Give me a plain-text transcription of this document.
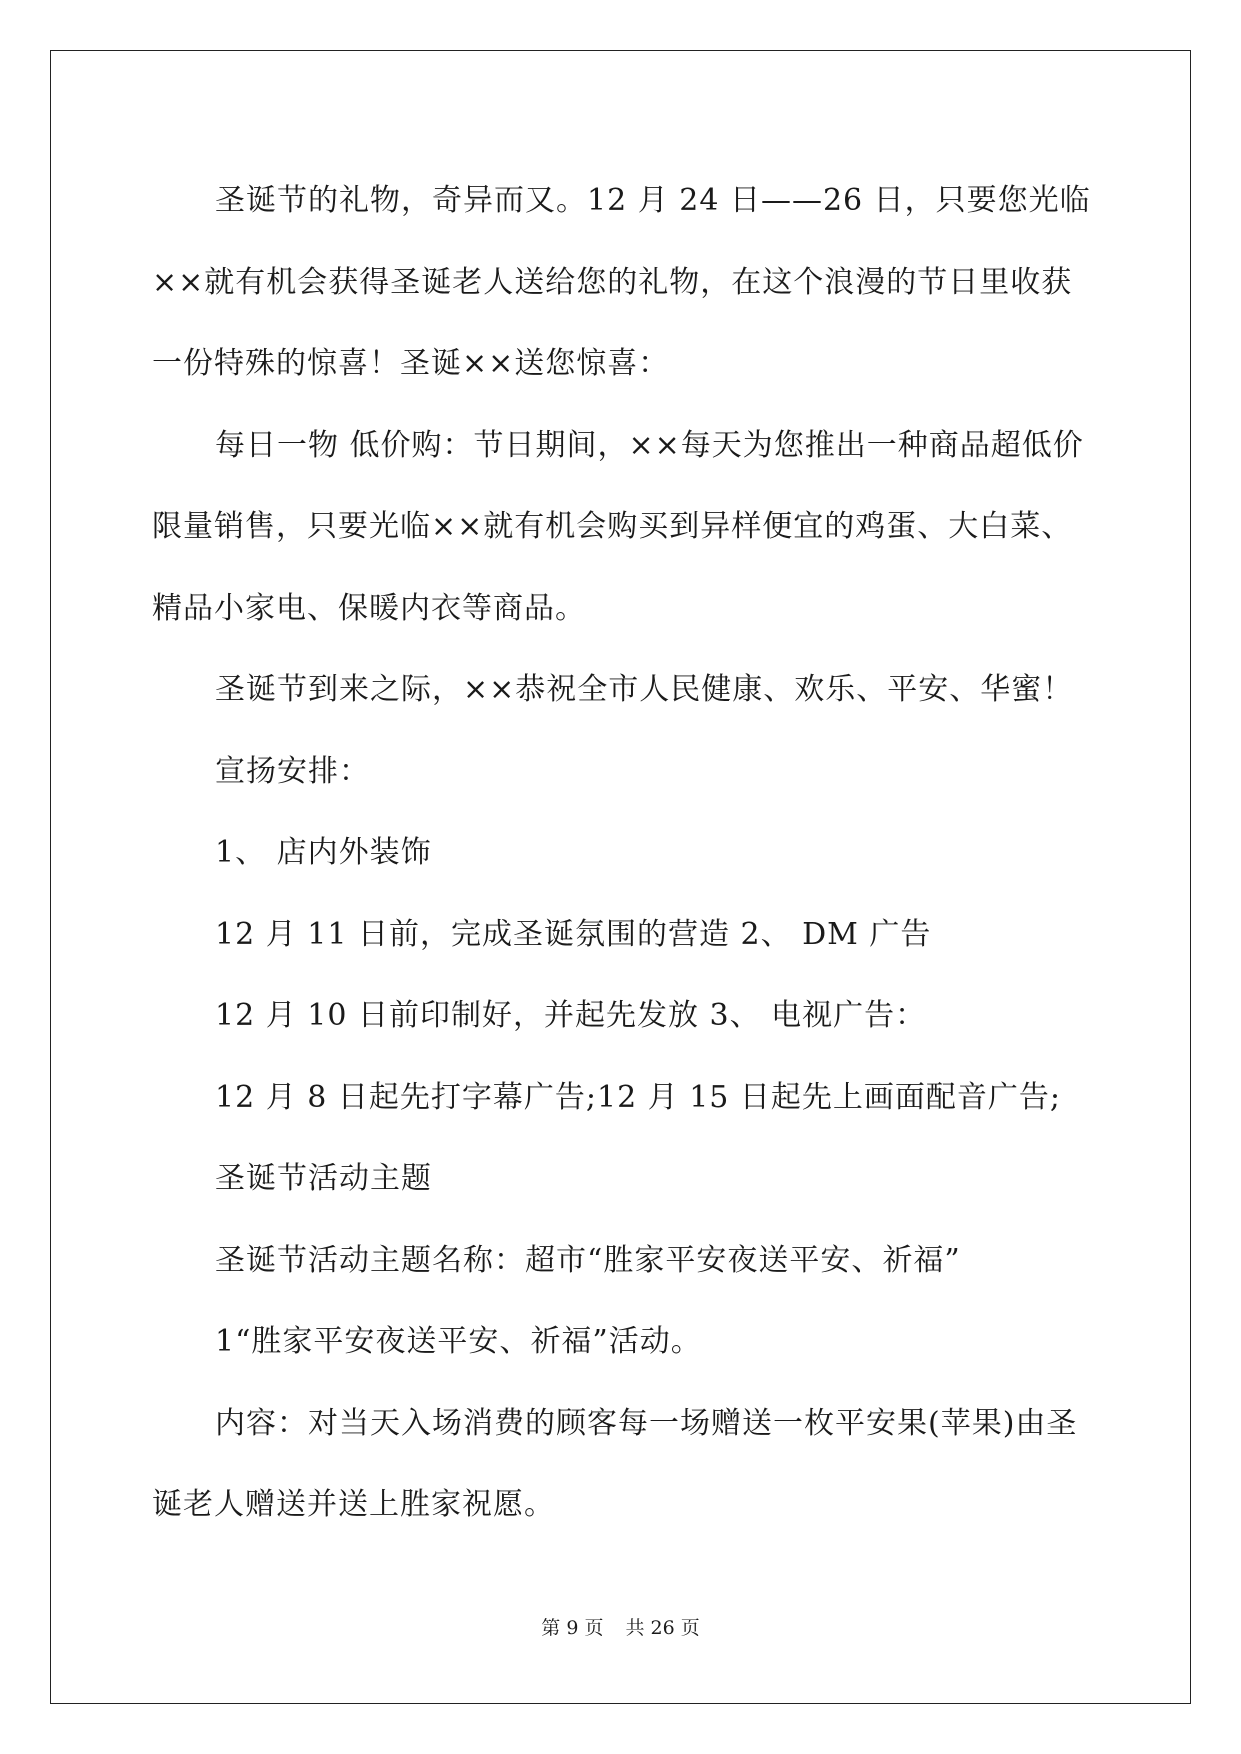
圣诞节的礼物，奇异而又。12 月 24 日——26 日，只要您光临××就有机会获得圣诞老人送给您的礼物，在这个浪漫的节日里收获一份特殊的惊喜！圣诞××送您惊喜：

每日一物 低价购：节日期间，××每天为您推出一种商品超低价限量销售，只要光临××就有机会购买到异样便宜的鸡蛋、大白菜、精品小家电、保暖内衣等商品。

圣诞节到来之际，××恭祝全市人民健康、欢乐、平安、华蜜！

宣扬安排：

1、 店内外装饰

12 月 11 日前，完成圣诞氛围的营造 2、 DM 广告

12 月 10 日前印制好，并起先发放 3、 电视广告：

12 月 8 日起先打字幕广告;12 月 15 日起先上画面配音广告;

圣诞节活动主题

圣诞节活动主题名称：超市“胜家平安夜送平安、祈福”

1“胜家平安夜送平安、祈福”活动。

内容：对当天入场消费的顾客每一场赠送一枚平安果(苹果)由圣诞老人赠送并送上胜家祝愿。

第 9 页 共 26 页
